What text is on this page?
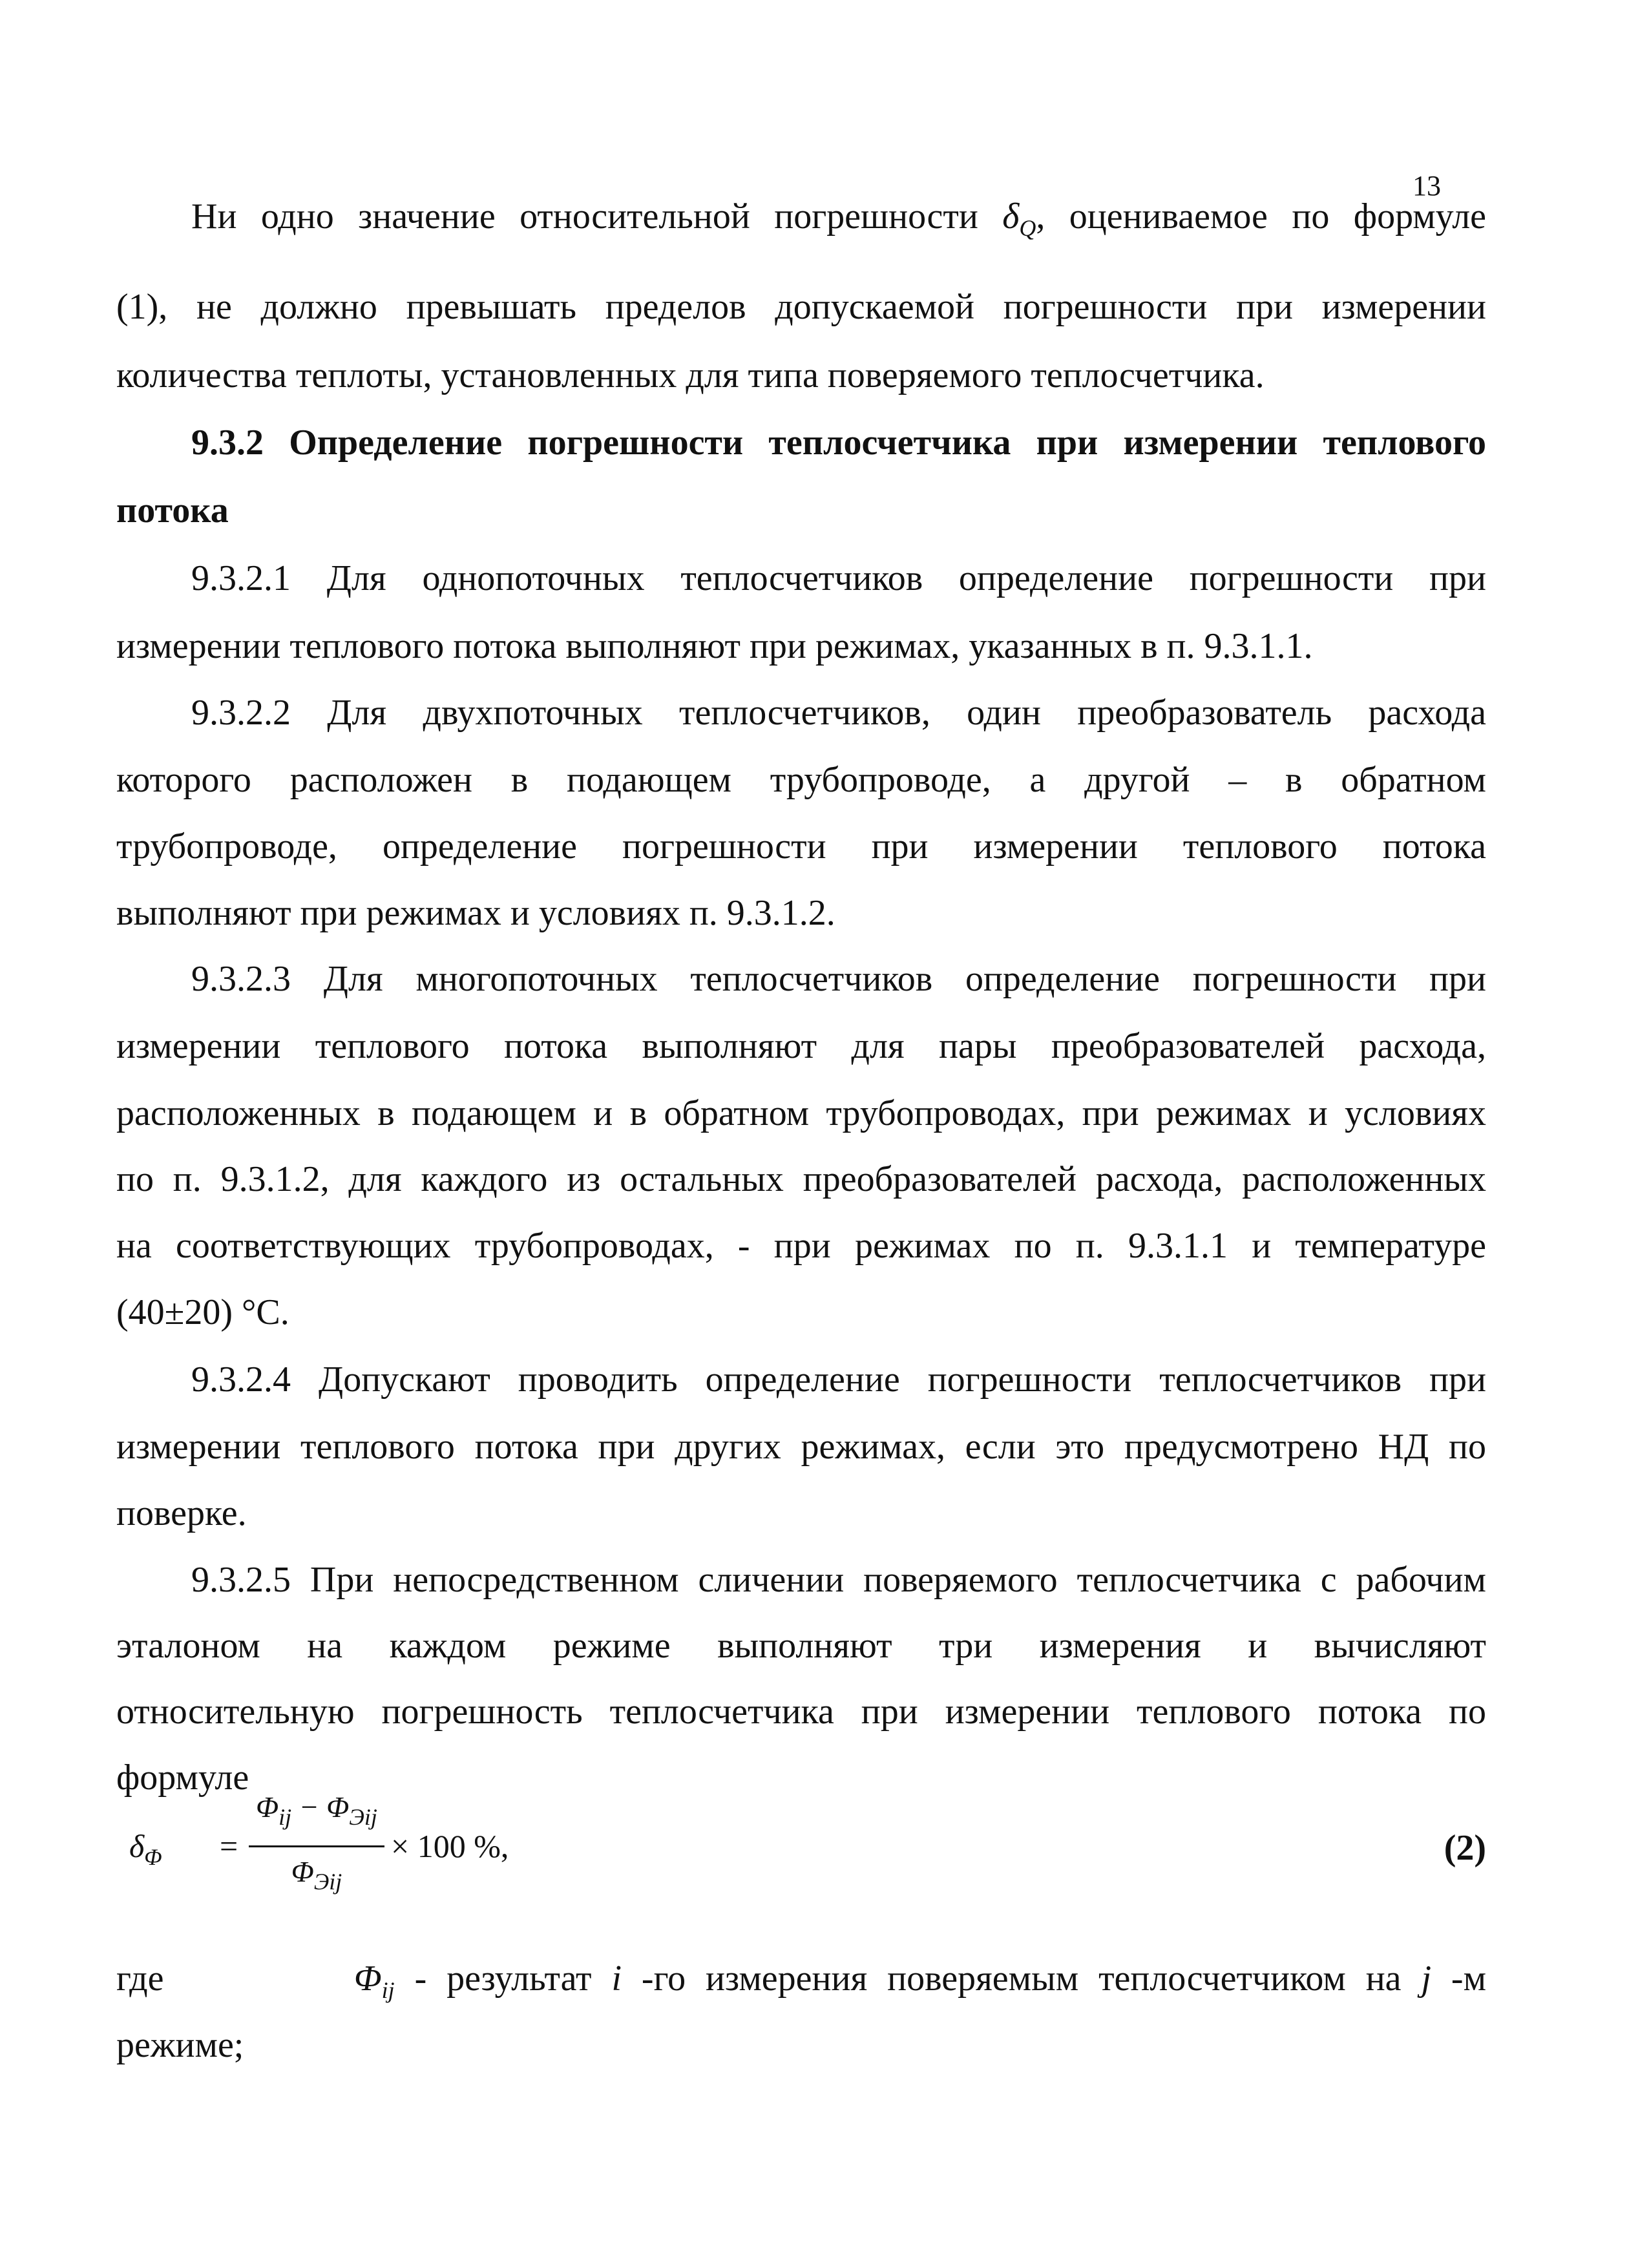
13
Ни одно значение относительной погрешности $\delta_Q$, оцениваемое по формуле
(1), не должно превышать пределов допускаемой погрешности при измерении
количества теплоты, установленных для типа поверяемого теплосчетчика.
9.3.2 Определение погрешности теплосчетчика при измерении теплового
потока
9.3.2.1 Для однопоточных теплосчетчиков определение погрешности при
измерении теплового потока выполняют при режимах, указанных в п. 9.3.1.1.
9.3.2.2 Для двухпоточных теплосчетчиков, один преобразователь расхода
которого расположен в подающем трубопроводе, а другой – в обратном
трубопроводе, определение погрешности при измерении теплового потока
выполняют при режимах и условиях п. 9.3.1.2.
9.3.2.3 Для многопоточных теплосчетчиков определение погрешности при
измерении теплового потока выполняют для пары преобразователей расхода,
расположенных в подающем и в обратном трубопроводах, при режимах и условиях
по п. 9.3.1.2, для каждого из остальных преобразователей расхода, расположенных
на соответствующих трубопроводах, - при режимах по п. 9.3.1.1 и температуре
(40±20) °С.
9.3.2.4 Допускают проводить определение погрешности теплосчетчиков при
измерении теплового потока при других режимах, если это предусмотрено НД по
поверке.
9.3.2.5 При непосредственном сличении поверяемого теплосчетчика с рабочим
эталоном на каждом режиме выполняют три измерения и вычисляют
относительную погрешность теплосчетчика при измерении теплового потока по
формуле
$\delta_\Phi$ =
$\Phi_{ij} - \Phi_{Эij}$
$\Phi_{Эij}$
× 100 %,	(2)
где	$\Phi_{ij}$ - результат i -го измерения поверяемым теплосчетчиком на j -м
режиме;
